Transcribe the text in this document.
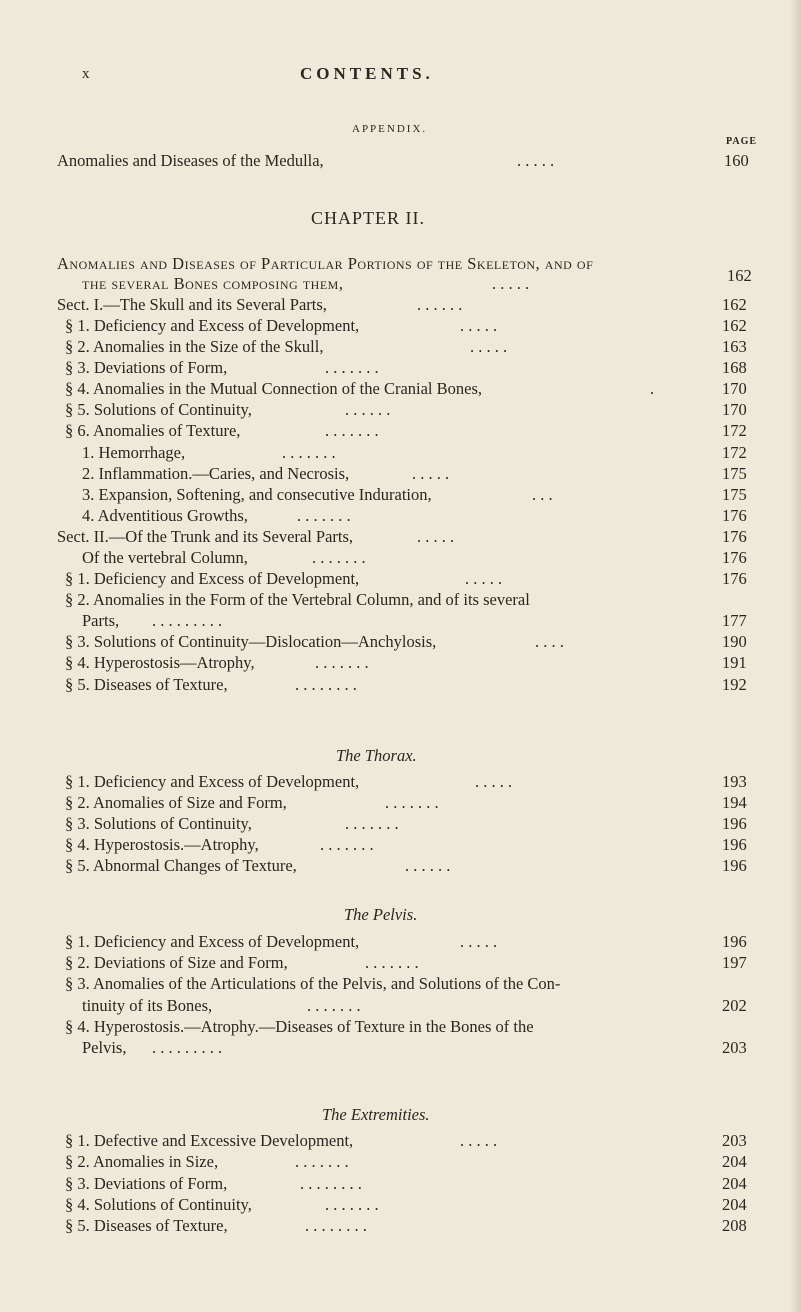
x	CONTENTS.
APPENDIX.
PAGE
Anomalies and Diseases of the Medulla,	. . . . .	160
CHAPTER II.
Anomalies and Diseases of Particular Portions of the Skeleton, and of
the several Bones composing them,	. . . . .	162
Sect. I.—The Skull and its Several Parts,	. . . . . .	162
§ 1. Deficiency and Excess of Development,	. . . . .	162
§ 2. Anomalies in the Size of the Skull,	. . . . .	163
§ 3. Deviations of Form,	. . . . . . .	168
§ 4. Anomalies in the Mutual Connection of the Cranial Bones,	.	170
§ 5. Solutions of Continuity,	. . . . . .	170
§ 6. Anomalies of Texture,	. . . . . . .	172
1. Hemorrhage,	. . . . . . .	172
2. Inflammation.—Caries, and Necrosis,	. . . . .	175
3. Expansion, Softening, and consecutive Induration,	. . .	175
4. Adventitious Growths,	. . . . . . .	176
Sect. II.—Of the Trunk and its Several Parts,	. . . . .	176
Of the vertebral Column,	. . . . . . .	176
§ 1. Deficiency and Excess of Development,	. . . . .	176
§ 2. Anomalies in the Form of the Vertebral Column, and of its several
Parts, . . . . . . . . .	177
§ 3. Solutions of Continuity—Dislocation—Anchylosis,	. . . .	190
§ 4. Hyperostosis—Atrophy,	. . . . . . .	191
§ 5. Diseases of Texture,	. . . . . . . .	192
The Thorax.
§ 1. Deficiency and Excess of Development,	. . . . .	193
§ 2. Anomalies of Size and Form,	. . . . . . .	194
§ 3. Solutions of Continuity,	. . . . . . .	196
§ 4. Hyperostosis.—Atrophy,	. . . . . . .	196
§ 5. Abnormal Changes of Texture,	. . . . . .	196
The Pelvis.
§ 1. Deficiency and Excess of Development,	. . . . .	196
§ 2. Deviations of Size and Form,	. . . . . . .	197
§ 3. Anomalies of the Articulations of the Pelvis, and Solutions of the Con-
tinuity of its Bones,	. . . . . . .	202
§ 4. Hyperostosis.—Atrophy.—Diseases of Texture in the Bones of the
Pelvis, . . . . . . . . .	203
The Extremities.
§ 1. Defective and Excessive Development,	. . . . .	203
§ 2. Anomalies in Size,	. . . . . . .	204
§ 3. Deviations of Form,	. . . . . . . .	204
§ 4. Solutions of Continuity,	. . . . . . .	204
§ 5. Diseases of Texture,	. . . . . . . .	208
